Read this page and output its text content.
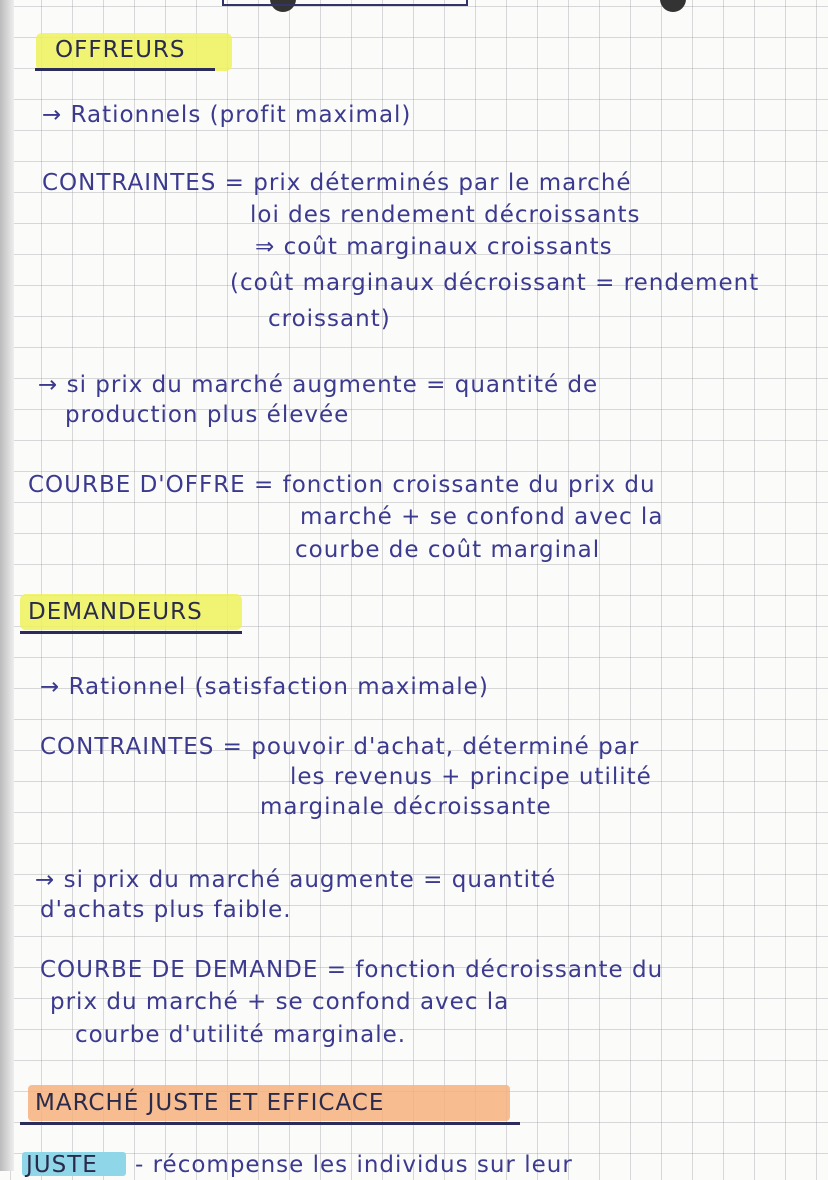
OFFREURS
→ Rationnels (profit maximal)
CONTRAINTES = prix déterminés par le marché
loi des rendement décroissants
⇒ coût marginaux croissants
(coût marginaux décroissant = rendement
croissant)
→ si prix du marché augmente = quantité de
production plus élevée
COURBE D'OFFRE = fonction croissante du prix du
marché + se confond avec la
courbe de coût marginal
DEMANDEURS
→ Rationnel (satisfaction maximale)
CONTRAINTES = pouvoir d'achat, déterminé par
les revenus + principe utilité
marginale décroissante
→ si prix du marché augmente = quantité
d'achats plus faible.
COURBE DE DEMANDE = fonction décroissante du
prix du marché + se confond avec la
courbe d'utilité marginale.
MARCHÉ JUSTE ET EFFICACE
JUSTE - récompense les individus sur leur
